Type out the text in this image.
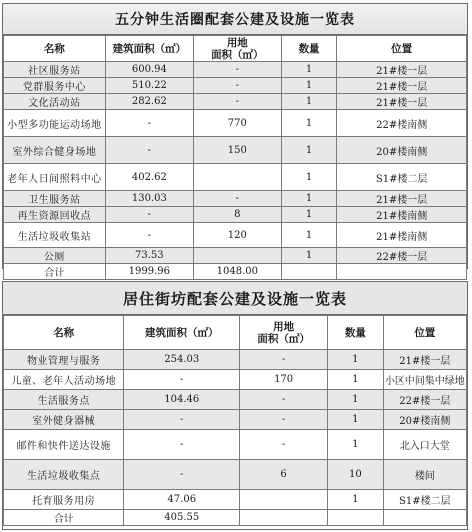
五分钟生活圈配套公建及设施一览表
名称	建筑面积（㎡）	用地
面积（㎡）	数量	位置
社区服务站	600.94	-	1	21#楼一层
党群服务中心	510.22	-	1	21#楼一层
文化活动站	282.62	-	1	21#楼一层
小型多功能运动场地	-	770	1	22#楼南侧
室外综合健身场地	-	150	1	20#楼南侧
老年人日间照料中心	402.62		1	S1#楼二层
卫生服务站	130.03	-	1	21#楼一层
再生资源回收点	-	8	1	21#楼南侧
生活垃圾收集站	-	120	1	21#楼南侧
公厕	73.53		1	22#楼一层
合计	1999.96	1048.00		
居住街坊配套公建及设施一览表
名称	建筑面积（㎡）	用地
面积（㎡）	数量	位置
物业管理与服务	254.03	-	1	21#楼一层
儿童、老年人活动场地	-	170	1	小区中间集中绿地
生活服务点	104.46	-	1	22#楼一层
室外健身器械	-	-	1	20#楼南侧
邮件和快件送达设施	-	-	1	北入口大堂
生活垃圾收集点	-	6	10	楼间
托育服务用房	47.06		1	S1#楼二层
合计	405.55			
